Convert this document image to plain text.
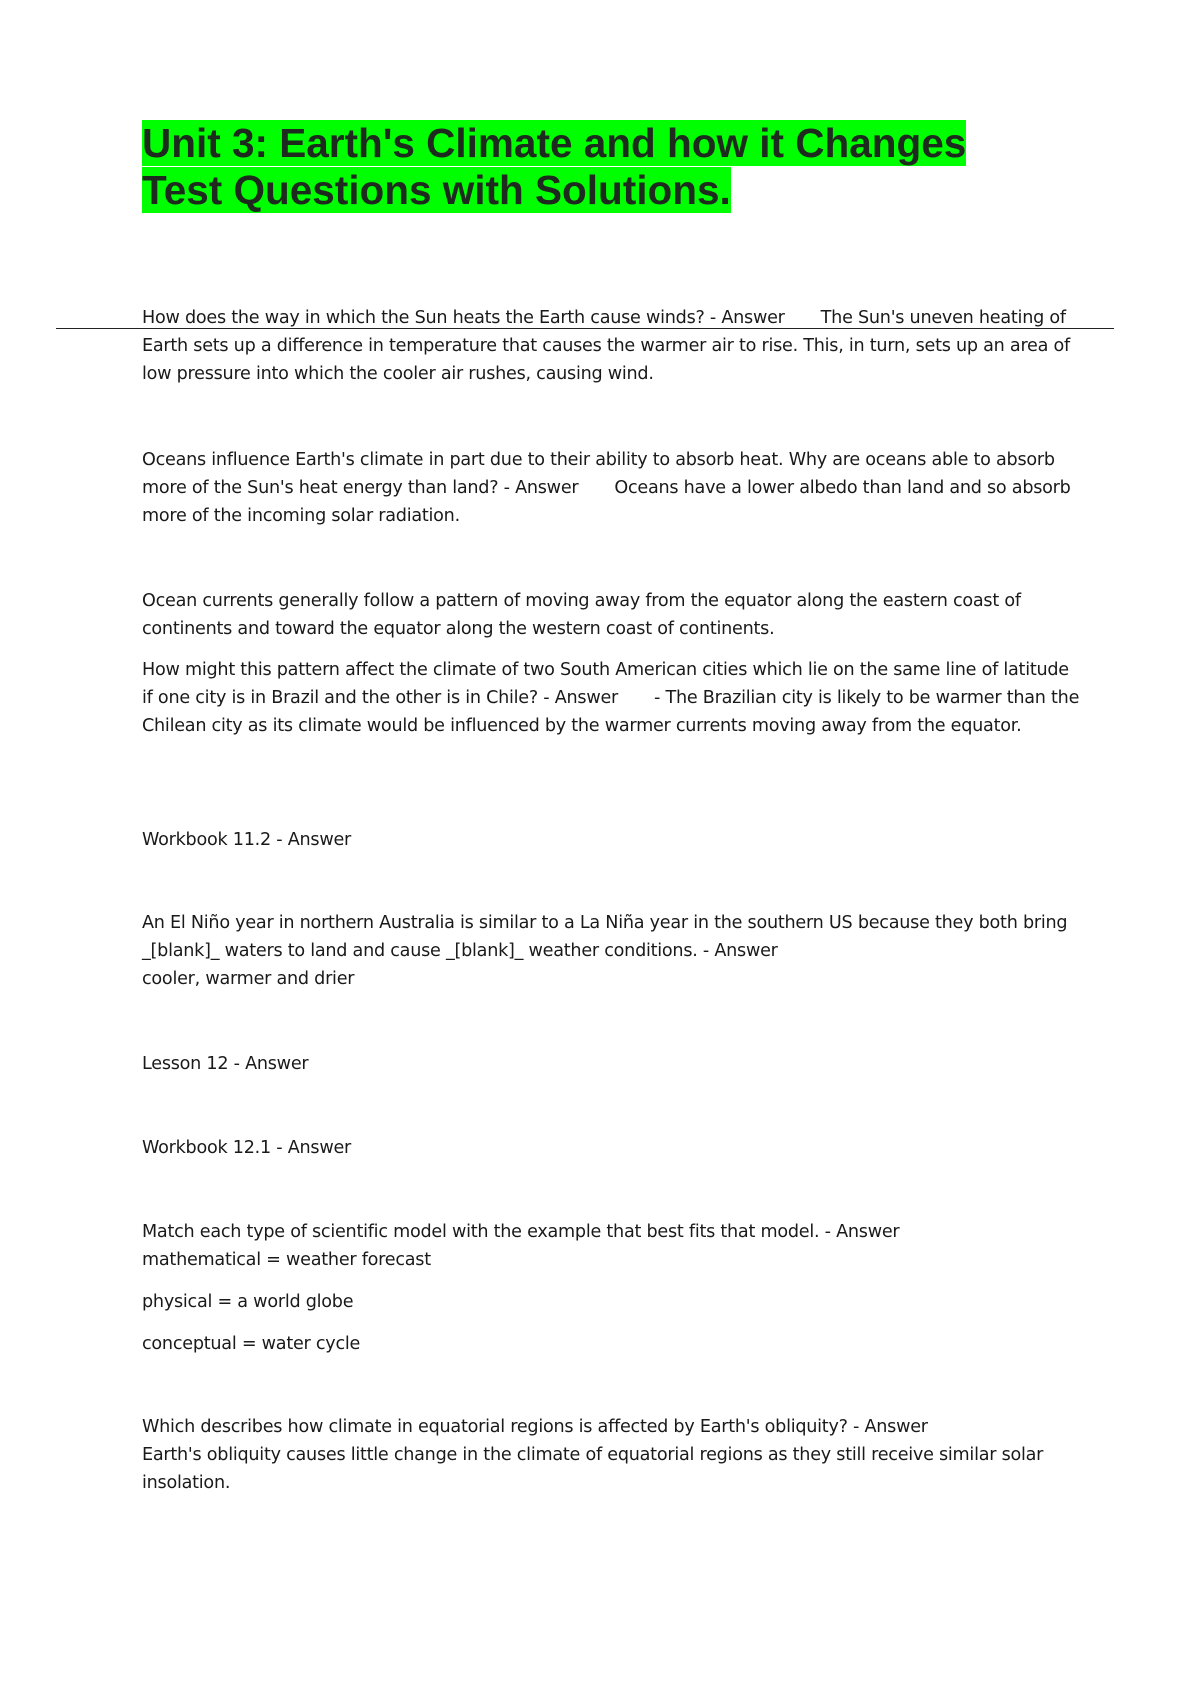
Unit 3: Earth's Climate and how it Changes Test Questions with Solutions.

How does the way in which the Sun heats the Earth cause winds? - Answer The Sun's uneven heating of Earth sets up a difference in temperature that causes the warmer air to rise. This, in turn, sets up an area of low pressure into which the cooler air rushes, causing wind.

Oceans influence Earth's climate in part due to their ability to absorb heat. Why are oceans able to absorb more of the Sun's heat energy than land? - Answer Oceans have a lower albedo than land and so absorb more of the incoming solar radiation.

Ocean currents generally follow a pattern of moving away from the equator along the eastern coast of continents and toward the equator along the western coast of continents.

How might this pattern affect the climate of two South American cities which lie on the same line of latitude if one city is in Brazil and the other is in Chile? - Answer - The Brazilian city is likely to be warmer than the Chilean city as its climate would be influenced by the warmer currents moving away from the equator.

Workbook 11.2 - Answer

An El Niño year in northern Australia is similar to a La Niña year in the southern US because they both bring _[blank]_ waters to land and cause _[blank]_ weather conditions. - Answer
cooler, warmer and drier

Lesson 12 - Answer

Workbook 12.1 - Answer

Match each type of scientific model with the example that best fits that model. - Answer
mathematical = weather forecast

physical = a world globe

conceptual = water cycle

Which describes how climate in equatorial regions is affected by Earth's obliquity? - Answer
Earth's obliquity causes little change in the climate of equatorial regions as they still receive similar solar insolation.
